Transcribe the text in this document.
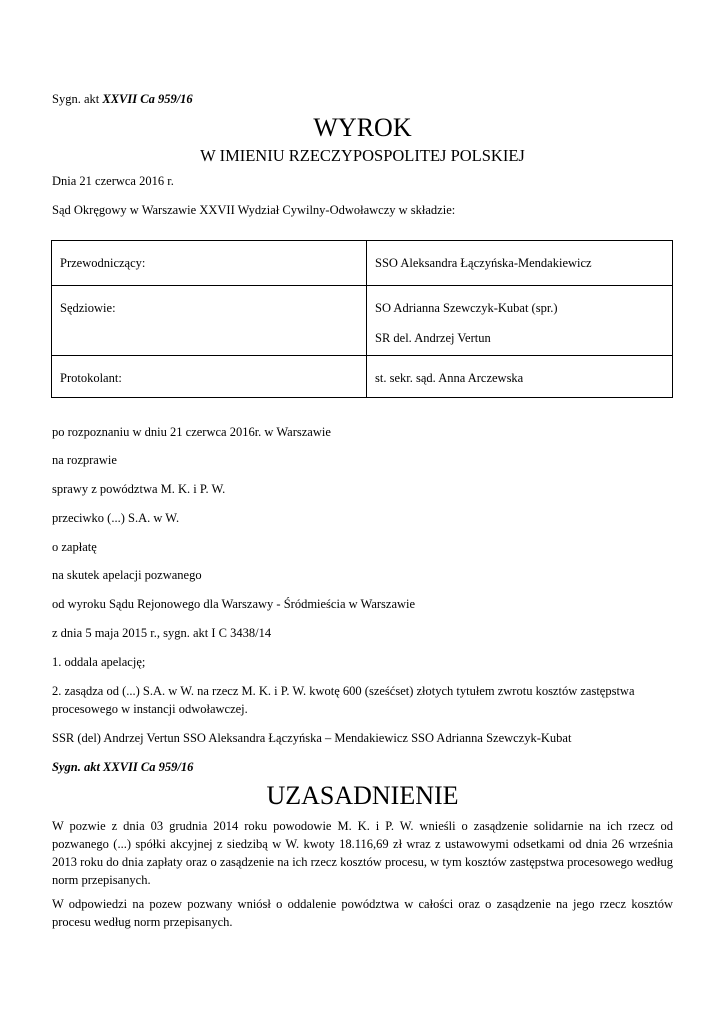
Sygn. akt XXVII Ca 959/16
WYROK
W IMIENIU RZECZYPOSPOLITEJ POLSKIEJ
Dnia 21 czerwca 2016 r.
Sąd Okręgowy w Warszawie XXVII Wydział Cywilny-Odwoławczy w składzie:
Przewodniczący:	SSO Aleksandra Łączyńska-Mendakiewicz

Sędziowie:	SO Adrianna Szewczyk-Kubat (spr.)
SR del. Andrzej Vertun

Protokolant:	st. sekr. sąd. Anna Arczewska
po rozpoznaniu w dniu 21 czerwca 2016r. w Warszawie
na rozprawie
sprawy z powództwa M. K. i P. W.
przeciwko (...) S.A. w W.
o zapłatę
na skutek apelacji pozwanego
od wyroku Sądu Rejonowego dla Warszawy - Śródmieścia w Warszawie
z dnia 5 maja 2015 r., sygn. akt I C 3438/14
1. oddala apelację;
2. zasądza od (...) S.A. w W. na rzecz M. K. i P. W. kwotę 600 (sześćset) złotych tytułem zwrotu kosztów zastępstwa procesowego w instancji odwoławczej.
SSR (del) Andrzej Vertun SSO Aleksandra Łączyńska – Mendakiewicz SSO Adrianna Szewczyk-Kubat
Sygn. akt XXVII Ca 959/16
UZASADNIENIE
W pozwie z dnia 03 grudnia 2014 roku powodowie M. K. i P. W. wnieśli o zasądzenie solidarnie na ich rzecz od pozwanego (...) spółki akcyjnej z siedzibą w W. kwoty 18.116,69 zł wraz z ustawowymi odsetkami od dnia 26 września 2013 roku do dnia zapłaty oraz o zasądzenie na ich rzecz kosztów procesu, w tym kosztów zastępstwa procesowego według norm przepisanych.
W odpowiedzi na pozew pozwany wniósł o oddalenie powództwa w całości oraz o zasądzenie na jego rzecz kosztów procesu według norm przepisanych.
